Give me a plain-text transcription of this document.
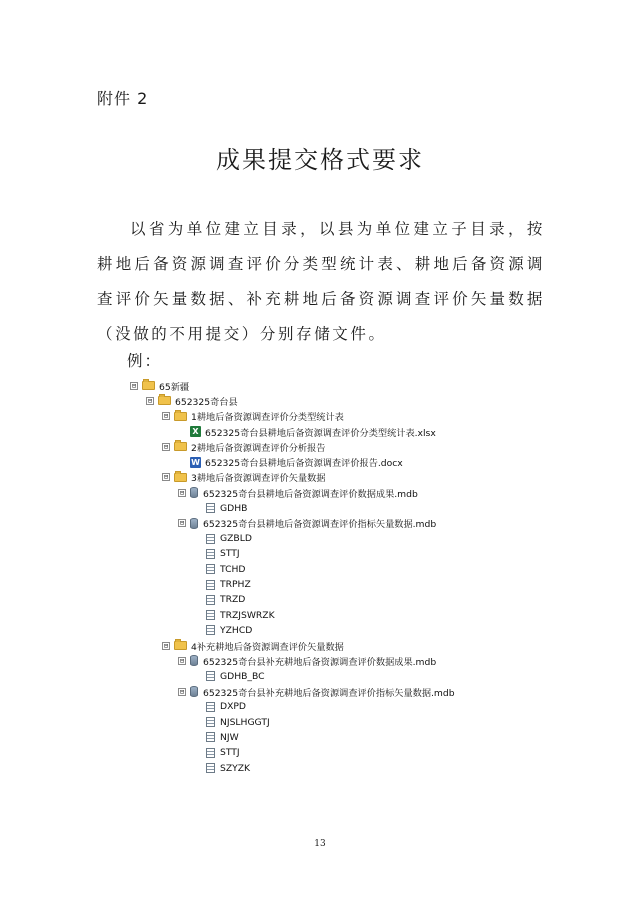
附件 2
成果提交格式要求

以省为单位建立目录，以县为单位建立子目录，按耕地后备资源调查评价分类型统计表、耕地后备资源调查评价矢量数据、补充耕地后备资源调查评价矢量数据（没做的不用提交）分别存储文件。

例：
⊟ 65新疆
⊟ 652325奇台县
⊟ 1耕地后备资源调查评价分类型统计表
X 652325奇台县耕地后备资源调查评价分类型统计表.xlsx
⊟ 2耕地后备资源调查评价分析报告
W 652325奇台县耕地后备资源调查评价报告.docx
⊟ 3耕地后备资源调查评价矢量数据
⊟ 652325奇台县耕地后备资源调查评价数据成果.mdb
GDHB
⊟ 652325奇台县耕地后备资源调查评价指标矢量数据.mdb
GZBLD
STTJ
TCHD
TRPHZ
TRZD
TRZJSWRZK
YZHCD
⊟ 4补充耕地后备资源调查评价矢量数据
⊟ 652325奇台县补充耕地后备资源调查评价数据成果.mdb
GDHB_BC
⊟ 652325奇台县补充耕地后备资源调查评价指标矢量数据.mdb
DXPD
NJSLHGGTJ
NJW
STTJ
SZYZK
13
